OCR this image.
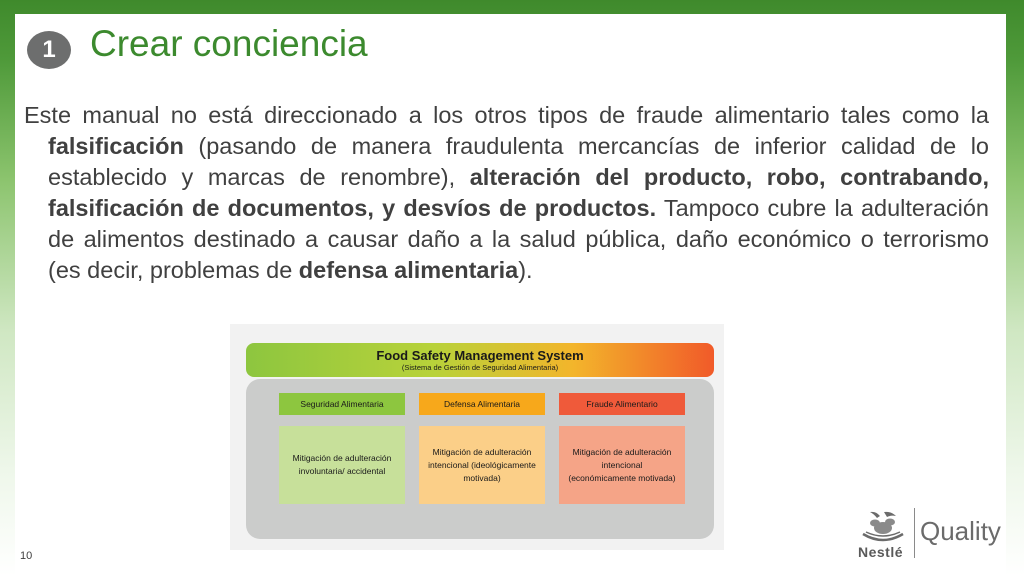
1 Crear conciencia

Este manual no está direccionado a los otros tipos de fraude alimentario tales como la falsificación (pasando de manera fraudulenta mercancías de inferior calidad de lo establecido y marcas de renombre), alteración del producto, robo, contrabando, falsificación de documentos, y desvíos de productos. Tampoco cubre la adulteración de alimentos destinado a causar daño a la salud pública, daño económico o terrorismo (es decir, problemas de defensa alimentaria).

Food Safety Management System
(Sistema de Gestión de Seguridad Alimentaria)
Seguridad Alimentaria	Defensa Alimentaria	Fraude Alimentario
Mitigación de adulteración involuntaria/ accidental
Mitigación de adulteración intencional (ideológicamente motivada)
Mitigación de adulteración intencional (económicamente motivada)
10	Nestlé
Quality
